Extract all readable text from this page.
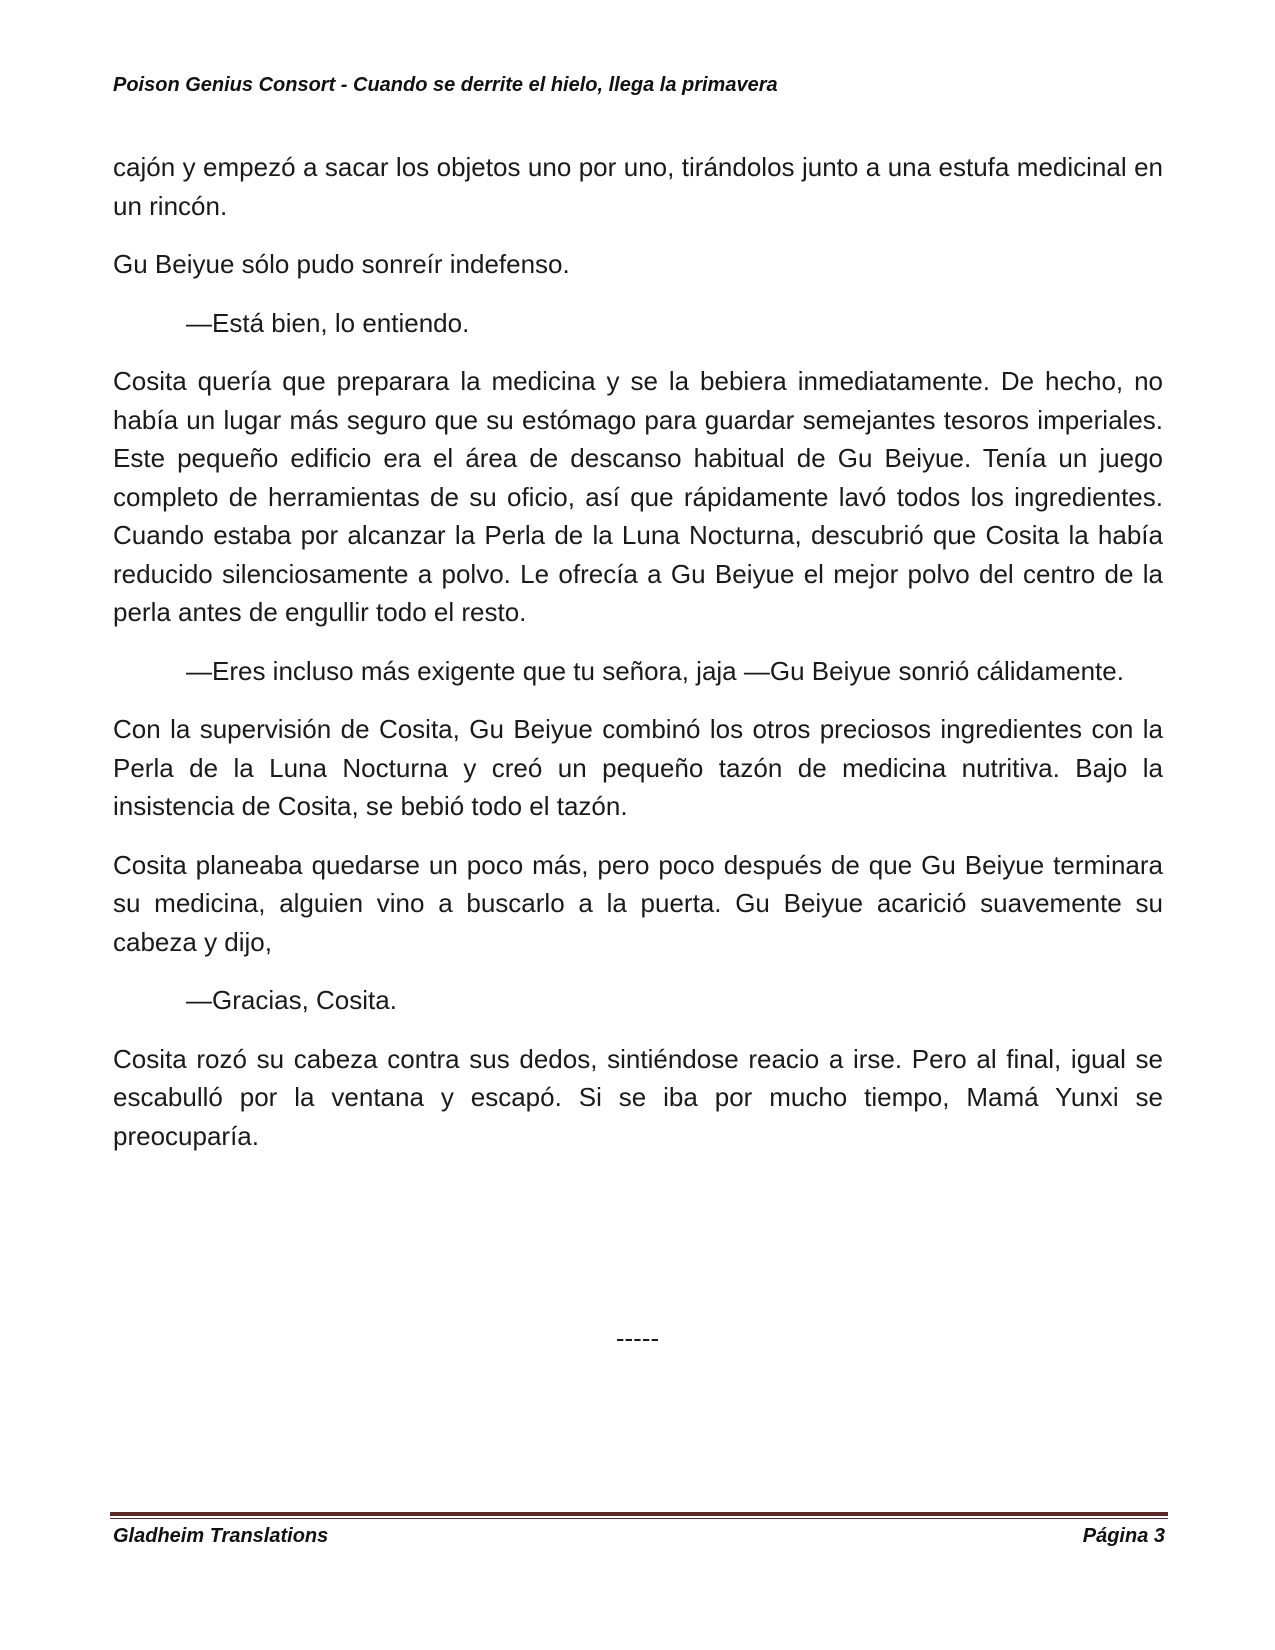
Poison Genius Consort - Cuando se derrite el hielo, llega la primavera

cajón y empezó a sacar los objetos uno por uno, tirándolos junto a una estufa medicinal en un rincón.

Gu Beiyue sólo pudo sonreír indefenso.

—Está bien, lo entiendo.

Cosita quería que preparara la medicina y se la bebiera inmediatamente. De hecho, no había un lugar más seguro que su estómago para guardar semejantes tesoros imperiales. Este pequeño edificio era el área de descanso habitual de Gu Beiyue. Tenía un juego completo de herramientas de su oficio, así que rápidamente lavó todos los ingredientes. Cuando estaba por alcanzar la Perla de la Luna Nocturna, descubrió que Cosita la había reducido silenciosamente a polvo. Le ofrecía a Gu Beiyue el mejor polvo del centro de la perla antes de engullir todo el resto.

—Eres incluso más exigente que tu señora, jaja —Gu Beiyue sonrió cálidamente.

Con la supervisión de Cosita, Gu Beiyue combinó los otros preciosos ingredientes con la Perla de la Luna Nocturna y creó un pequeño tazón de medicina nutritiva. Bajo la insistencia de Cosita, se bebió todo el tazón.

Cosita planeaba quedarse un poco más, pero poco después de que Gu Beiyue terminara su medicina, alguien vino a buscarlo a la puerta. Gu Beiyue acarició suavemente su cabeza y dijo,

—Gracias, Cosita.

Cosita rozó su cabeza contra sus dedos, sintiéndose reacio a irse. Pero al final, igual se escabulló por la ventana y escapó. Si se iba por mucho tiempo, Mamá Yunxi se preocuparía.

-----
Gladheim Translations	Página 3
